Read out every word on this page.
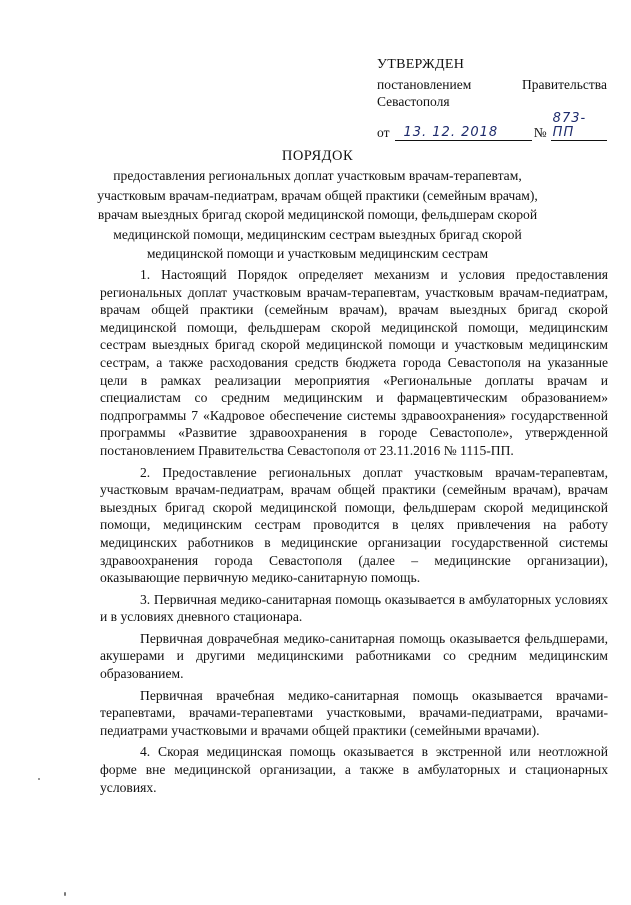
УТВЕРЖДЕН
постановлением	Правительства
Севастополя
от	13. 12. 2018	№
873-ПП
ПОРЯДОК
предоставления региональных доплат участковым врачам-терапевтам, участковым врачам-педиатрам, врачам общей практики (семейным врачам), врачам выездных бригад скорой медицинской помощи, фельдшерам скорой медицинской помощи, медицинским сестрам выездных бригад скорой медицинской помощи и участковым медицинским сестрам

1. Настоящий Порядок определяет механизм и условия предоставления региональных доплат участковым врачам-терапевтам, участковым врачам-педиатрам, врачам общей практики (семейным врачам), врачам выездных бригад скорой медицинской помощи, фельдшерам скорой медицинской помощи, медицинским сестрам выездных бригад скорой медицинской помощи и участковым медицинским сестрам, а также расходования средств бюджета города Севастополя на указанные цели в рамках реализации мероприятия «Региональные доплаты врачам и специалистам со средним медицинским и фармацевтическим образованием» подпрограммы 7 «Кадровое обеспечение системы здравоохранения» государственной программы «Развитие здравоохранения в городе Севастополе», утвержденной постановлением Правительства Севастополя от 23.11.2016 № 1115-ПП.

2. Предоставление региональных доплат участковым врачам-терапевтам, участковым врачам-педиатрам, врачам общей практики (семейным врачам), врачам выездных бригад скорой медицинской помощи, фельдшерам скорой медицинской помощи, медицинским сестрам проводится в целях привлечения на работу медицинских работников в медицинские организации государственной системы здравоохранения города Севастополя (далее – медицинские организации), оказывающие первичную медико-санитарную помощь.

3. Первичная медико-санитарная помощь оказывается в амбулаторных условиях и в условиях дневного стационара.

Первичная доврачебная медико-санитарная помощь оказывается фельдшерами, акушерами и другими медицинскими работниками со средним медицинским образованием.

Первичная врачебная медико-санитарная помощь оказывается врачами-терапевтами, врачами-терапевтами участковыми, врачами-педиатрами, врачами-педиатрами участковыми и врачами общей практики (семейными врачами).

4. Скорая медицинская помощь оказывается в экстренной или неотложной форме вне медицинской организации, а также в амбулаторных и стационарных условиях.
